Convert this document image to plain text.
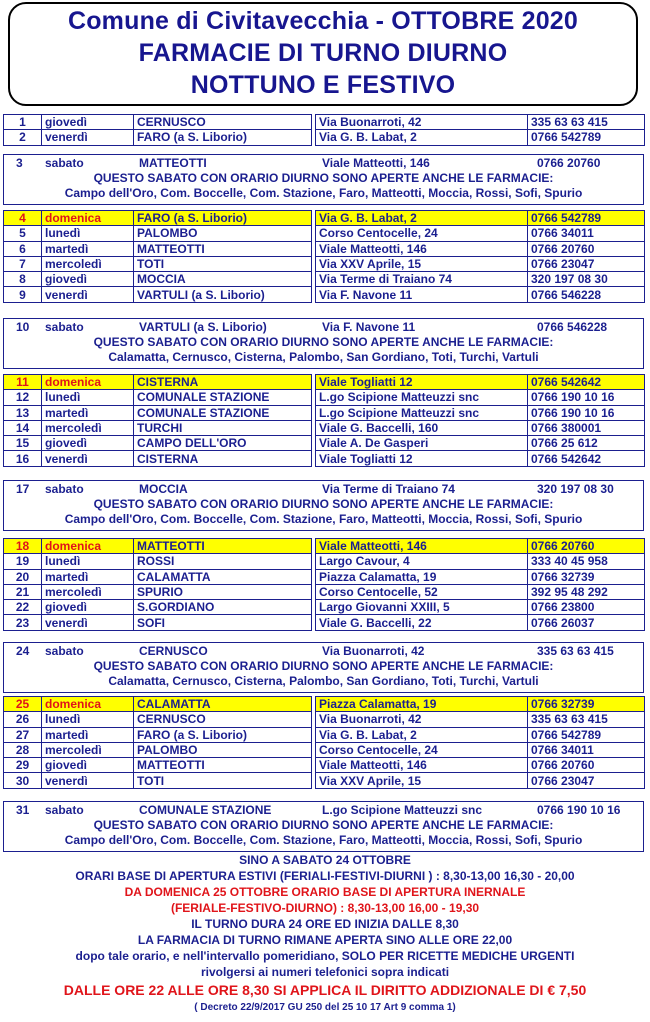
Comune di Civitavecchia - OTTOBRE 2020
FARMACIE DI TURNO DIURNO
NOTTUNO E FESTIVO
1	giovedì	CERNUSCO		Via Buonarroti, 42	335 63 63 415
2	venerdì	FARO (a S. Liborio)		Via G. B. Labat, 2	0766 542789
3 sabato	MATTEOTTI	Viale Matteotti, 146	0766 20760
QUESTO SABATO CON ORARIO DIURNO SONO APERTE ANCHE LE FARMACIE:
Campo dell'Oro, Com. Boccelle, Com. Stazione, Faro, Matteotti, Moccia, Rossi, Sofi, Spurio
4	domenica	FARO (a S. Liborio)		Via G. B. Labat, 2	0766 542789
5	lunedì	PALOMBO		Corso Centocelle, 24	0766 34011
6	martedì	MATTEOTTI		Viale Matteotti, 146	0766 20760
7	mercoledì	TOTI		Via XXV Aprile, 15	0766 23047
8	giovedì	MOCCIA		Via Terme di Traiano 74	320 197 08 30
9	venerdì	VARTULI (a S. Liborio)		Via F. Navone 11	0766 546228
10 sabato	VARTULI (a S. Liborio)	Via F. Navone 11	0766 546228
QUESTO SABATO CON ORARIO DIURNO SONO APERTE ANCHE LE FARMACIE:
Calamatta, Cernusco, Cisterna, Palombo, San Gordiano, Toti, Turchi, Vartuli
11	domenica	CISTERNA		Viale Togliatti 12	0766 542642
12	lunedì	COMUNALE STAZIONE		L.go Scipione Matteuzzi snc	0766 190 10 16
13	martedì	COMUNALE STAZIONE		L.go Scipione Matteuzzi snc	0766 190 10 16
14	mercoledì	TURCHI		Viale G. Baccelli, 160	0766 380001
15	giovedì	CAMPO DELL'ORO		Viale A. De Gasperi	0766 25 612
16	venerdì	CISTERNA		Viale Togliatti 12	0766 542642
17 sabato	MOCCIA	Via Terme di Traiano 74	320 197 08 30
QUESTO SABATO CON ORARIO DIURNO SONO APERTE ANCHE LE FARMACIE:
Campo dell'Oro, Com. Boccelle, Com. Stazione, Faro, Matteotti, Moccia, Rossi, Sofi, Spurio
18	domenica	MATTEOTTI		Viale Matteotti, 146	0766 20760
19	lunedì	ROSSI		Largo Cavour, 4	333 40 45 958
20	martedì	CALAMATTA		Piazza Calamatta, 19	0766 32739
21	mercoledì	SPURIO		Corso Centocelle, 52	392 95 48 292
22	giovedì	S.GORDIANO		Largo Giovanni XXIII, 5	0766 23800
23	venerdì	SOFI		Viale G. Baccelli, 22	0766 26037
24 sabato	CERNUSCO	Via Buonarroti, 42	335 63 63 415
QUESTO SABATO CON ORARIO DIURNO SONO APERTE ANCHE LE FARMACIE:
Calamatta, Cernusco, Cisterna, Palombo, San Gordiano, Toti, Turchi, Vartuli
25	domenica	CALAMATTA		Piazza Calamatta, 19	0766 32739
26	lunedì	CERNUSCO		Via Buonarroti, 42	335 63 63 415
27	martedì	FARO (a S. Liborio)		Via G. B. Labat, 2	0766 542789
28	mercoledì	PALOMBO		Corso Centocelle, 24	0766 34011
29	giovedì	MATTEOTTI		Viale Matteotti, 146	0766 20760
30	venerdì	TOTI		Via XXV Aprile, 15	0766 23047
31 sabato	COMUNALE STAZIONE	L.go Scipione Matteuzzi snc	0766 190 10 16
QUESTO SABATO CON ORARIO DIURNO SONO APERTE ANCHE LE FARMACIE:
Campo dell'Oro, Com. Boccelle, Com. Stazione, Faro, Matteotti, Moccia, Rossi, Sofi, Spurio
SINO A SABATO 24 OTTOBRE
ORARI BASE DI APERTURA ESTIVI (FERIALI-FESTIVI-DIURNI ) : 8,30-13,00 16,30 - 20,00
DA DOMENICA 25 OTTOBRE ORARIO BASE DI APERTURA INERNALE
(FERIALE-FESTIVO-DIURNO) : 8,30-13,00 16,00 - 19,30
IL TURNO DURA 24 ORE ED INIZIA DALLE 8,30
LA FARMACIA DI TURNO RIMANE APERTA SINO ALLE ORE 22,00
dopo tale orario, e nell'intervallo pomeridiano, SOLO PER RICETTE MEDICHE URGENTI
rivolgersi ai numeri telefonici sopra indicati
DALLE ORE 22 ALLE ORE 8,30 SI APPLICA IL DIRITTO ADDIZIONALE DI € 7,50
( Decreto 22/9/2017 GU 250 del 25 10 17 Art 9 comma 1)
